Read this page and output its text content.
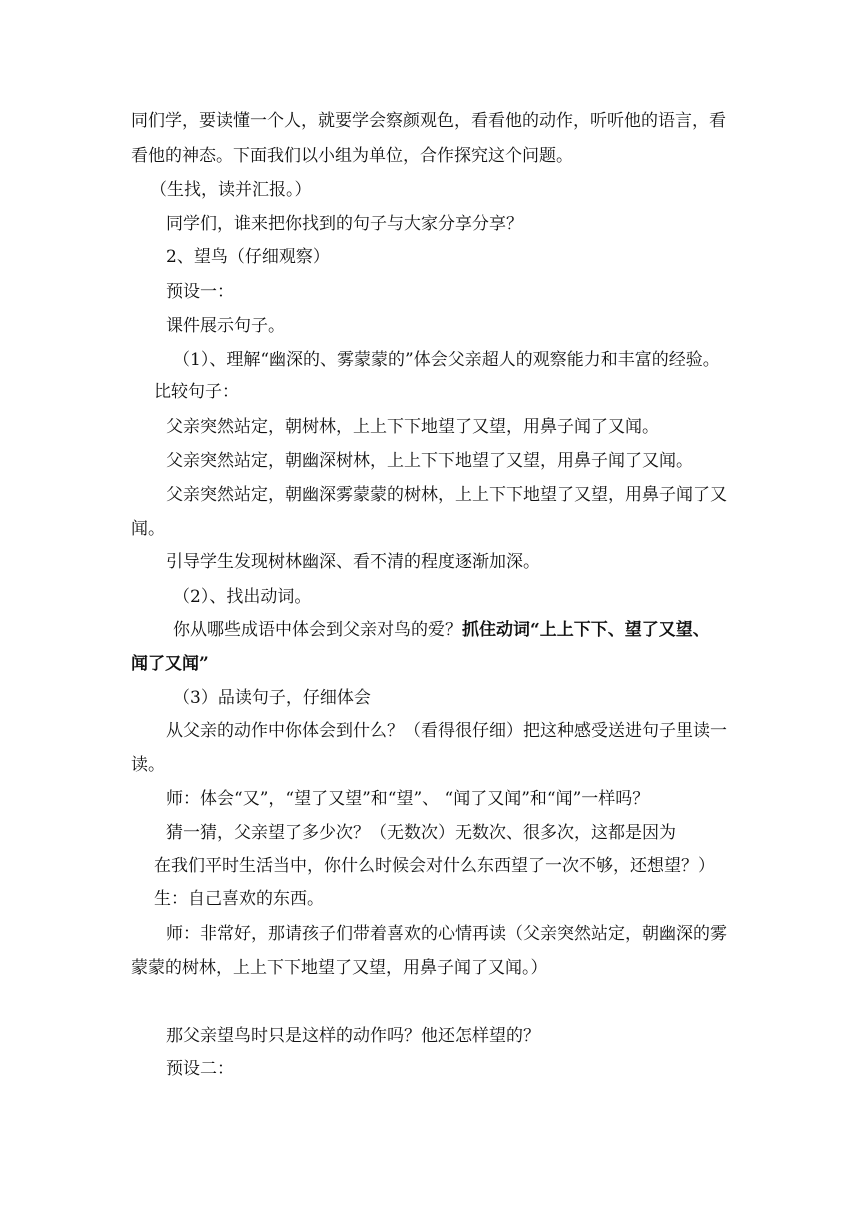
同们学，要读懂一个人，就要学会察颜观色，看看他的动作，听听他的语言，看

看他的神态。下面我们以小组为单位，合作探究这个问题。

（生找，读并汇报。）

同学们，谁来把你找到的句子与大家分享分享？

2、望鸟（仔细观察）

预设一：

课件展示句子。

（1）、理解“幽深的、雾蒙蒙的”体会父亲超人的观察能力和丰富的经验。

比较句子：

父亲突然站定，朝树林，上上下下地望了又望，用鼻子闻了又闻。

父亲突然站定，朝幽深树林，上上下下地望了又望，用鼻子闻了又闻。

父亲突然站定，朝幽深雾蒙蒙的树林，上上下下地望了又望，用鼻子闻了又

闻。

引导学生发现树林幽深、看不清的程度逐渐加深。

（2）、找出动词。

你从哪些成语中体会到父亲对鸟的爱？抓住动词“上上下下、望了又望、

闻了又闻”

（3）品读句子，仔细体会

从父亲的动作中你体会到什么？（看得很仔细）把这种感受送进句子里读一

读。

师：体会“又”，“望了又望”和“望”、 “闻了又闻”和“闻”一样吗？

猜一猜，父亲望了多少次？（无数次）无数次、很多次，这都是因为

在我们平时生活当中，你什么时候会对什么东西望了一次不够，还想望？）

生：自己喜欢的东西。

师：非常好，那请孩子们带着喜欢的心情再读（父亲突然站定，朝幽深的雾

蒙蒙的树林，上上下下地望了又望，用鼻子闻了又闻。）

那父亲望鸟时只是这样的动作吗？他还怎样望的？

预设二：
